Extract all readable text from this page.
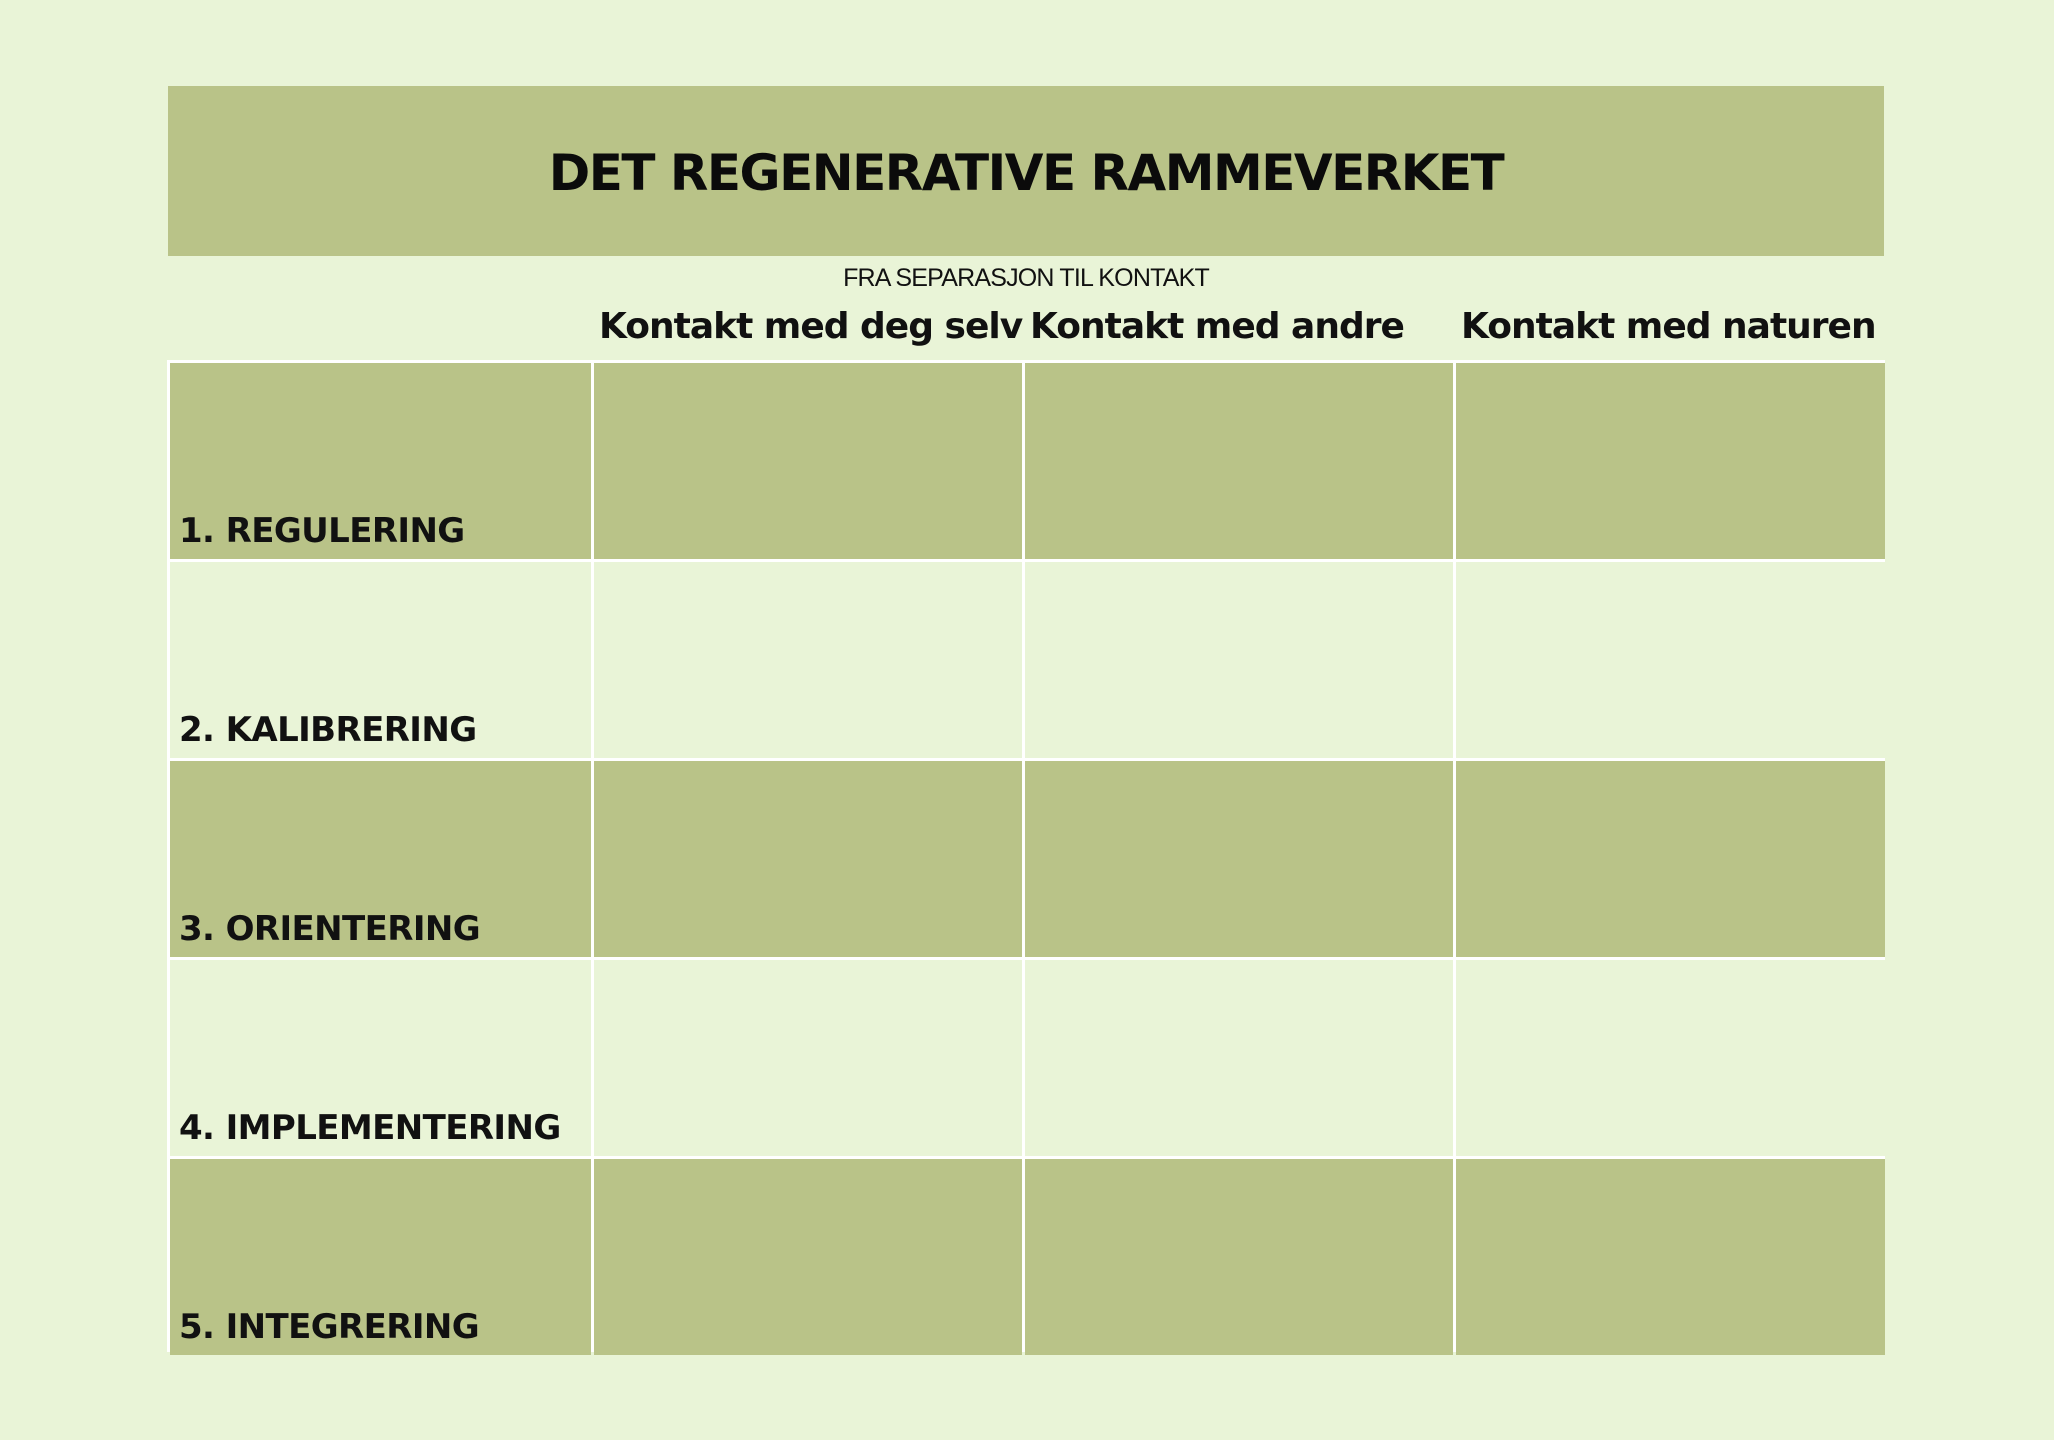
DET REGENERATIVE RAMMEVERKET
FRA SEPARASJON TIL KONTAKT
Kontakt med deg selv Kontakt med andre Kontakt med naturen
1. REGULERING
2. KALIBRERING
3. ORIENTERING
4. IMPLEMENTERING
5. INTEGRERING
